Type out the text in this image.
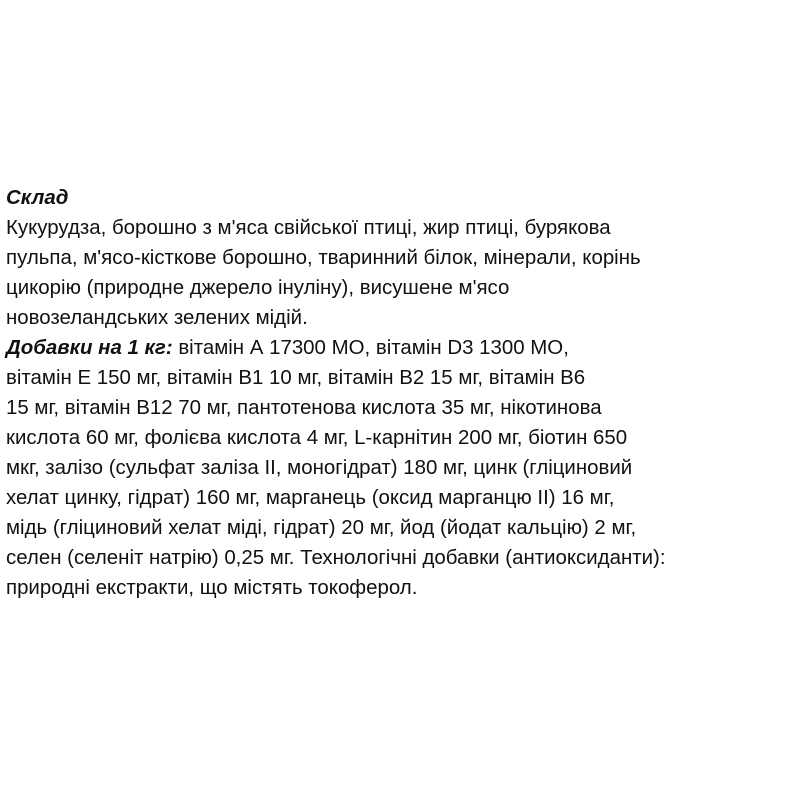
Склад
Кукурудза, борошно з м'яса свійської птиці, жир птиці, бурякова
пульпа, м'ясо-кісткове борошно, тваринний білок, мінерали, корінь
цикорію (природне джерело інуліну), висушене м'ясо
новозеландських зелених мідій.
Добавки на 1 кг: вітамін А 17300 МО, вітамін D3 1300 МО,
вітамін Е 150 мг, вітамін В1 10 мг, вітамін В2 15 мг, вітамін В6
15 мг, вітамін В12 70 мг, пантотенова кислота 35 мг, нікотинова
кислота 60 мг, фолієва кислота 4 мг, L-карнітин 200 мг, біотин 650
мкг, залізо (сульфат заліза II, моногідрат) 180 мг, цинк (гліциновий
хелат цинку, гідрат) 160 мг, марганець (оксид марганцю II) 16 мг,
мідь (гліциновий хелат міді, гідрат) 20 мг, йод (йодат кальцію) 2 мг,
селен (селеніт натрію) 0,25 мг. Технологічні добавки (антиоксиданти):
природні екстракти, що містять токоферол.
